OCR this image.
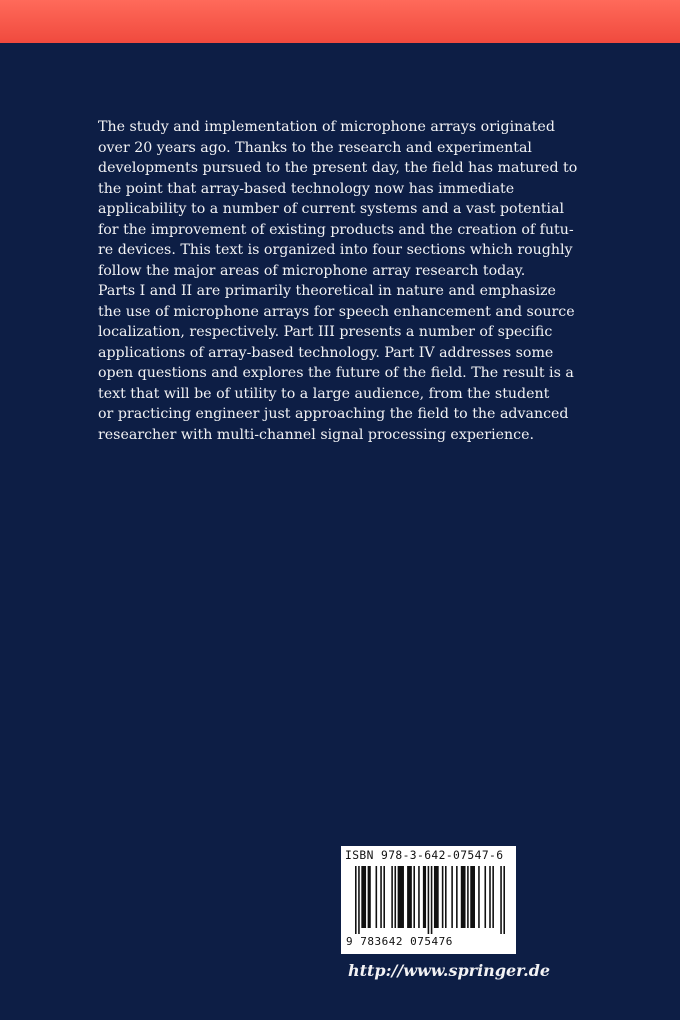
The study and implementation of microphone arrays originated
over 20 years ago. Thanks to the research and experimental
developments pursued to the present day, the field has matured to
the point that array-based technology now has immediate
applicability to a number of current systems and a vast potential
for the improvement of existing products and the creation of futu-
re devices. This text is organized into four sections which roughly
follow the major areas of microphone array research today.
Parts I and II are primarily theoretical in nature and emphasize
the use of microphone arrays for speech enhancement and source
localization, respectively. Part III presents a number of specific
applications of array-based technology. Part IV addresses some
open questions and explores the future of the field. The result is a
text that will be of utility to a large audience, from the student
or practicing engineer just approaching the field to the advanced
researcher with multi-channel signal processing experience.

ISBN 978-3-642-07547-6
9 783642 075476
http://www.springer.de
